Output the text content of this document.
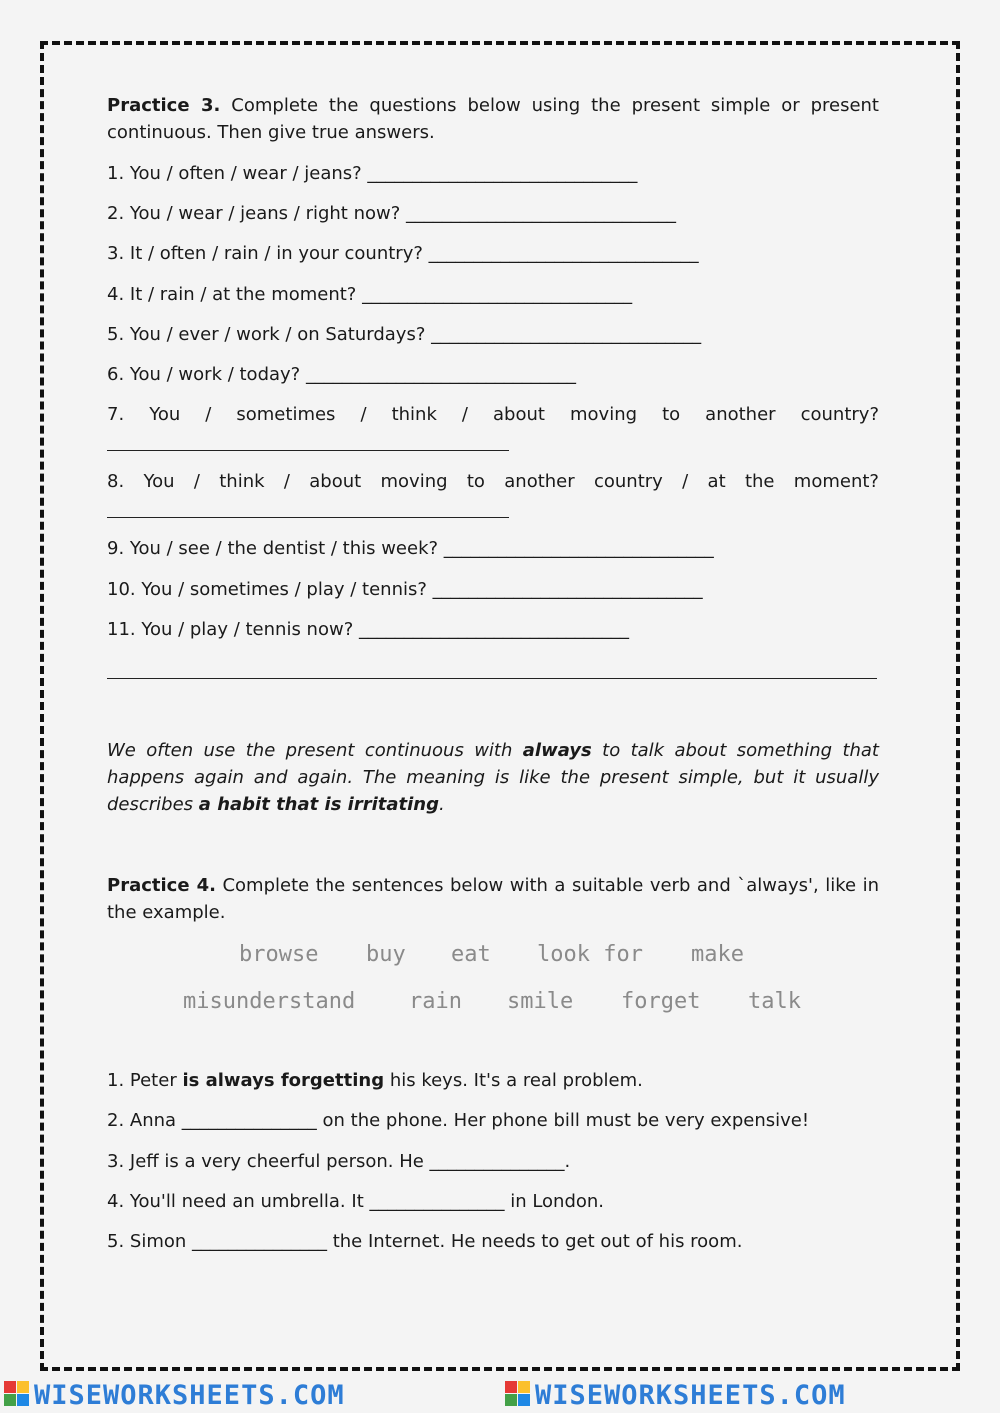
Practice 3. Complete the questions below using the present simple or present continuous. Then give true answers.

1. You / often / wear / jeans? ______________________________
2. You / wear / jeans / right now? ______________________________
3. It / often / rain / in your country? ______________________________
4. It / rain / at the moment? ______________________________
5. You / ever / work / on Saturdays? ______________________________
6. You / work / today? ______________________________
7. You / sometimes / think / about moving to another country?
8. You / think / about moving to another country / at the moment?
9. You / see / the dentist / this week? ______________________________
10. You / sometimes / play / tennis? ______________________________
11. You / play / tennis now? ______________________________

We often use the present continuous with always to talk about something that happens again and again. The meaning is like the present simple, but it usually describes a habit that is irritating.

Practice 4. Complete the sentences below with a suitable verb and `always', like in the example.

browse buy eat look for make
misunderstand rain smile forget talk
1. Peter is always forgetting his keys. It's a real problem.
2. Anna _______________ on the phone. Her phone bill must be very expensive!
3. Jeff is a very cheerful person. He _______________.
4. You'll need an umbrella. It _______________ in London.
5. Simon _______________ the Internet. He needs to get out of his room.
WISEWORKSHEETS.COM	WISEWORKSHEETS.COM
